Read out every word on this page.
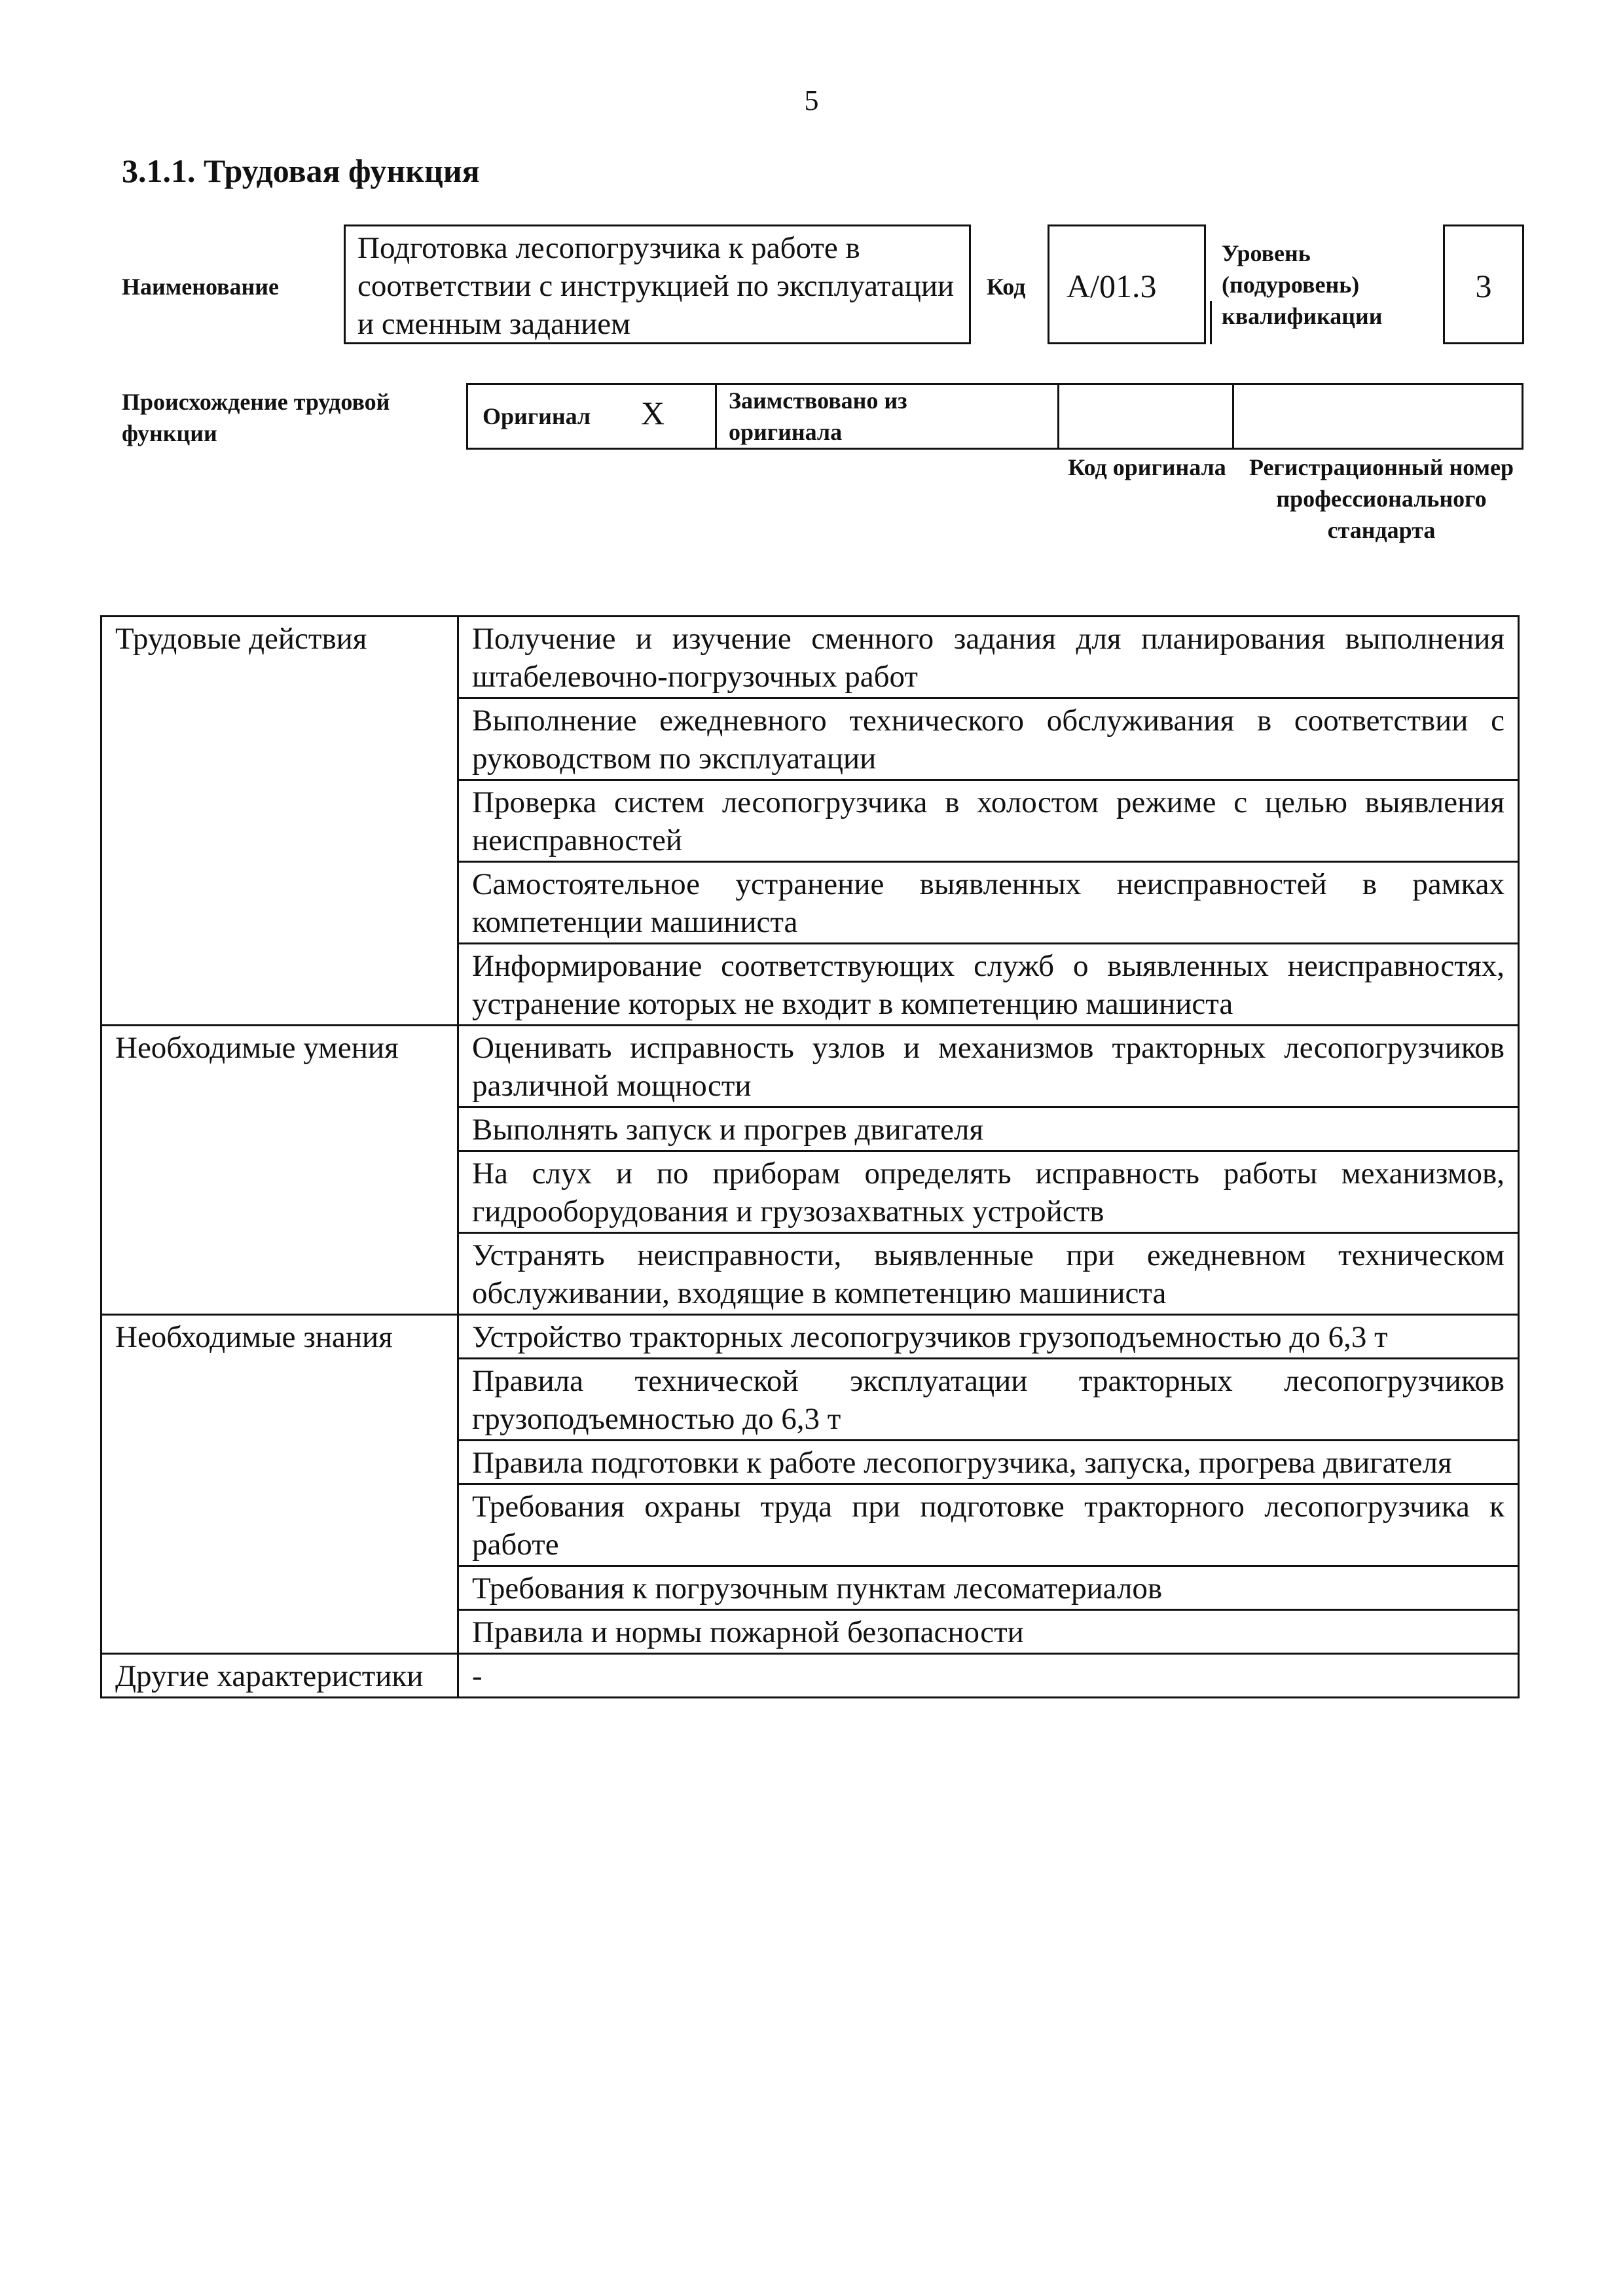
5
3.1.1. Трудовая функция
Наименование
Подготовка лесопогрузчика к работе в соответствии с инструкцией по эксплуатации и сменным заданием
Код	А/01.3
Уровень (подуровень) квалификации
3
Происхождение трудовой функции
Оригинал X	Заимствовано из оригинала
Код оригинала Регистрационный номер профессионального стандарта
Трудовые действия	Получение и изучение сменного задания для планирования выполнения штабелевочно-погрузочных работ
	Выполнение ежедневного технического обслуживания в соответствии с руководством по эксплуатации
	Проверка систем лесопогрузчика в холостом режиме с целью выявления неисправностей
	Самостоятельное устранение выявленных неисправностей в рамках компетенции машиниста
	Информирование соответствующих служб о выявленных неисправностях, устранение которых не входит в компетенцию машиниста
Необходимые умения	Оценивать исправность узлов и механизмов тракторных лесопогрузчиков различной мощности
	Выполнять запуск и прогрев двигателя
	На слух и по приборам определять исправность работы механизмов, гидрооборудования и грузозахватных устройств
	Устранять неисправности, выявленные при ежедневном техническом обслуживании, входящие в компетенцию машиниста
Необходимые знания	Устройство тракторных лесопогрузчиков грузоподъемностью до 6,3 т
	Правила технической эксплуатации тракторных лесопогрузчиков грузоподъемностью до 6,3 т
	Правила подготовки к работе лесопогрузчика, запуска, прогрева двигателя
	Требования охраны труда при подготовке тракторного лесопогрузчика к работе
	Требования к погрузочным пунктам лесоматериалов
	Правила и нормы пожарной безопасности
Другие характеристики	-
